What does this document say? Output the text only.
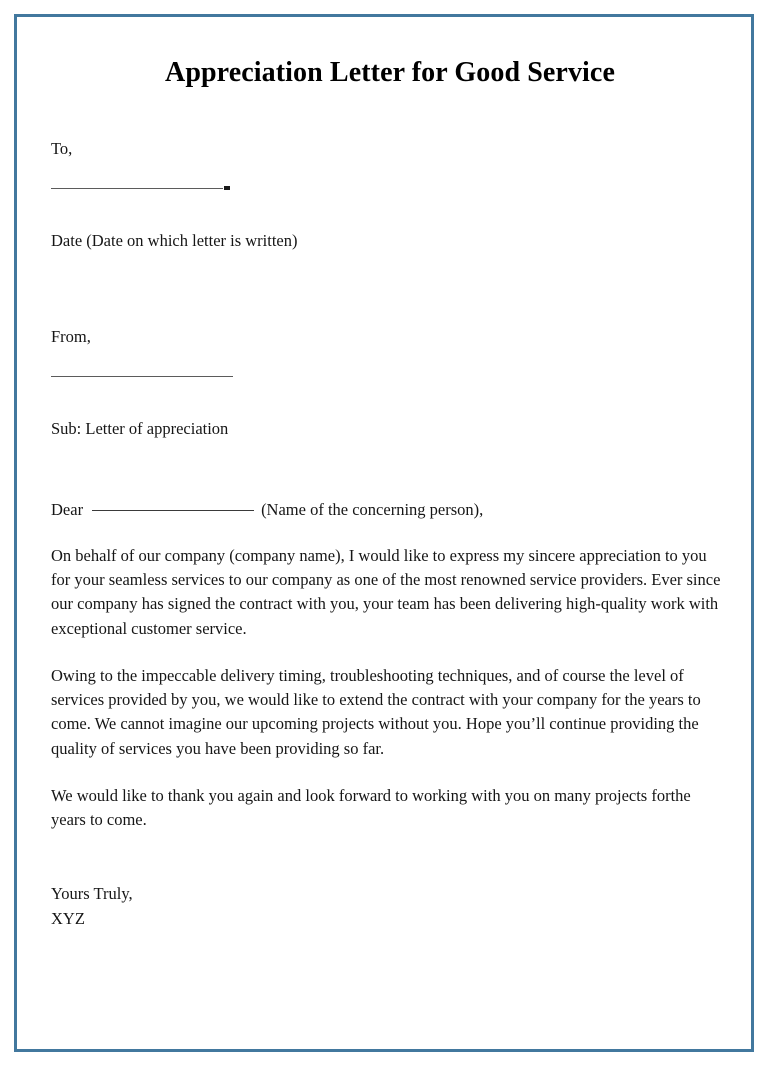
Appreciation Letter for Good Service

To,

Date (Date on which letter is written)

From,

Sub: Letter of appreciation

Dear	(Name of the concerning person),

On behalf of our company (company name), I would like to express my sincere appreciation to you for your seamless services to our company as one of the most renowned service providers. Ever since our company has signed the contract with you, your team has been delivering high-quality work with exceptional customer service.

Owing to the impeccable delivery timing, troubleshooting techniques, and of course the level of services provided by you, we would like to extend the contract with your company for the years to come. We cannot imagine our upcoming projects without you. Hope you’ll continue providing the quality of services you have been providing so far.

We would like to thank you again and look forward to working with you on many projects forthe years to come.

Yours Truly,

XYZ
